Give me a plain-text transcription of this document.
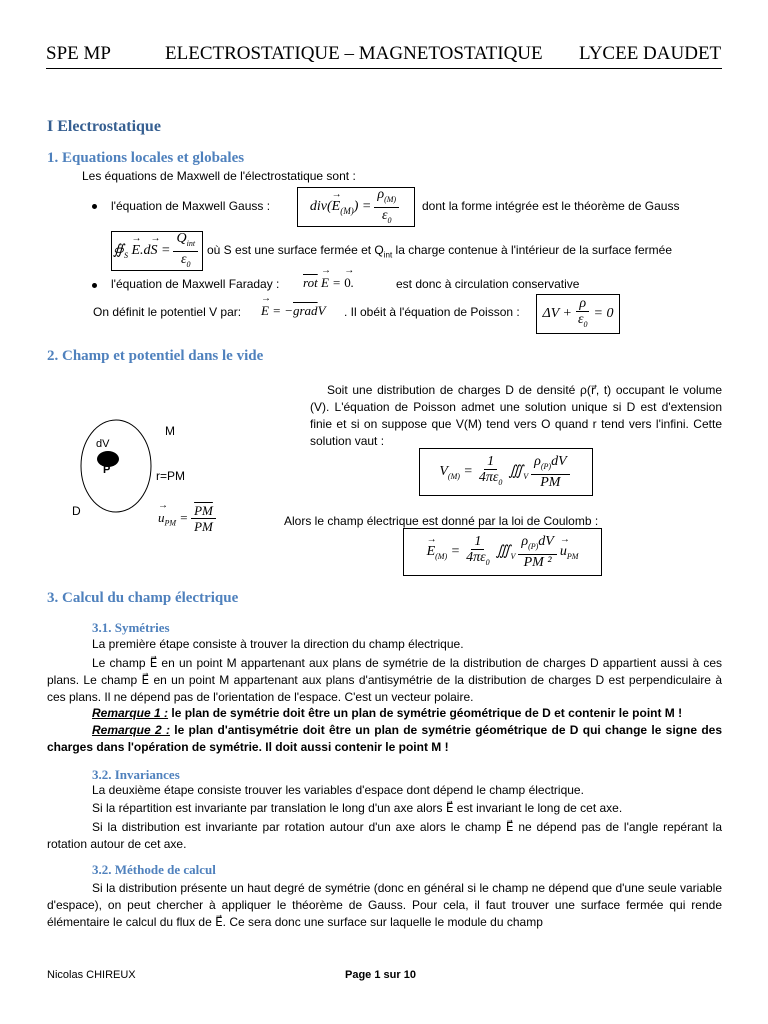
SPE MP	ELECTROSTATIQUE – MAGNETOSTATIQUE LYCEE DAUDET
I Electrostatique
1. Equations locales et globales
Les équations de Maxwell de l'électrostatique sont :
l'équation de Maxwell Gauss :	$div(\to E_{(M)}) = \frac{\rho_{(M)}}{\varepsilon_0}$ dont la forme intégrée est le théorème de Gauss
$∯_S \to E.d\to S = \frac{Q_{int}}{\varepsilon_0}$ où S est une surface fermée et $Q_{int}$ la charge contenue à l'intérieur de la surface fermée
l'équation de Maxwell Faraday : $\overline{rot} \to E$ = → 0.	est donc à circulation conservative
On définit le potentiel V par: → E = −gradV . Il obéit à l'équation de Poisson : $\Delta V + \frac{\rho}{\varepsilon_0} = 0$
2. Champ et potentiel dans le vide
Soit une distribution de charges D de densité ρ(r⃗, t) occupant le volume (V). L'équation de Poisson admet une solution unique si D est d'extension finie et si on suppose que V(M) tend vers O quand r tend vers l'infini. Cette solution vaut :
M
dV
P	r=PM
D	→ $u_{PM} = \frac{\overline{PM}}{PM}$
$V_{(M)} = \frac{1}{4\pi\varepsilon_0}$ $∭_V \frac{\rho_{(P)}dV}{PM}$
Alors le champ électrique est donné par la loi de Coulomb :
→ $E_{(M)} = \frac{1}{4\pi\varepsilon_0}$ $∭_V \frac{\rho_{(P)}dV}{\text{PM ²}} \to u_{PM}$
3. Calcul du champ électrique
3.1. Symétries
La première étape consiste à trouver la direction du champ électrique.
Le champ E⃗ en un point M appartenant aux plans de symétrie de la distribution de charges D appartient aussi à ces plans. Le champ E⃗ en un point M appartenant aux plans d'antisymétrie de la distribution de charges D est perpendiculaire à ces plans. Il ne dépend pas de l'orientation de l'espace. C'est un vecteur polaire.
Remarque 1 : le plan de symétrie doit être un plan de symétrie géométrique de D et contenir le point M !
Remarque 2 : le plan d'antisymétrie doit être un plan de symétrie géométrique de D qui change le signe des charges dans l'opération de symétrie. Il doit aussi contenir le point M !
3.2. Invariances
La deuxième étape consiste trouver les variables d'espace dont dépend le champ électrique.
Si la répartition est invariante par translation le long d'un axe alors E⃗ est invariant le long de cet axe.
Si la distribution est invariante par rotation autour d'un axe alors le champ E⃗ ne dépend pas de l'angle repérant la rotation autour de cet axe.
3.2. Méthode de calcul
Si la distribution présente un haut degré de symétrie (donc en général si le champ ne dépend que d'une seule variable d'espace), on peut chercher à appliquer le théorème de Gauss. Pour cela, il faut trouver une surface fermée qui rende élémentaire le calcul du flux de E⃗. Ce sera donc une surface sur laquelle le module du champ
Nicolas CHIREUX	Page 1 sur 10
